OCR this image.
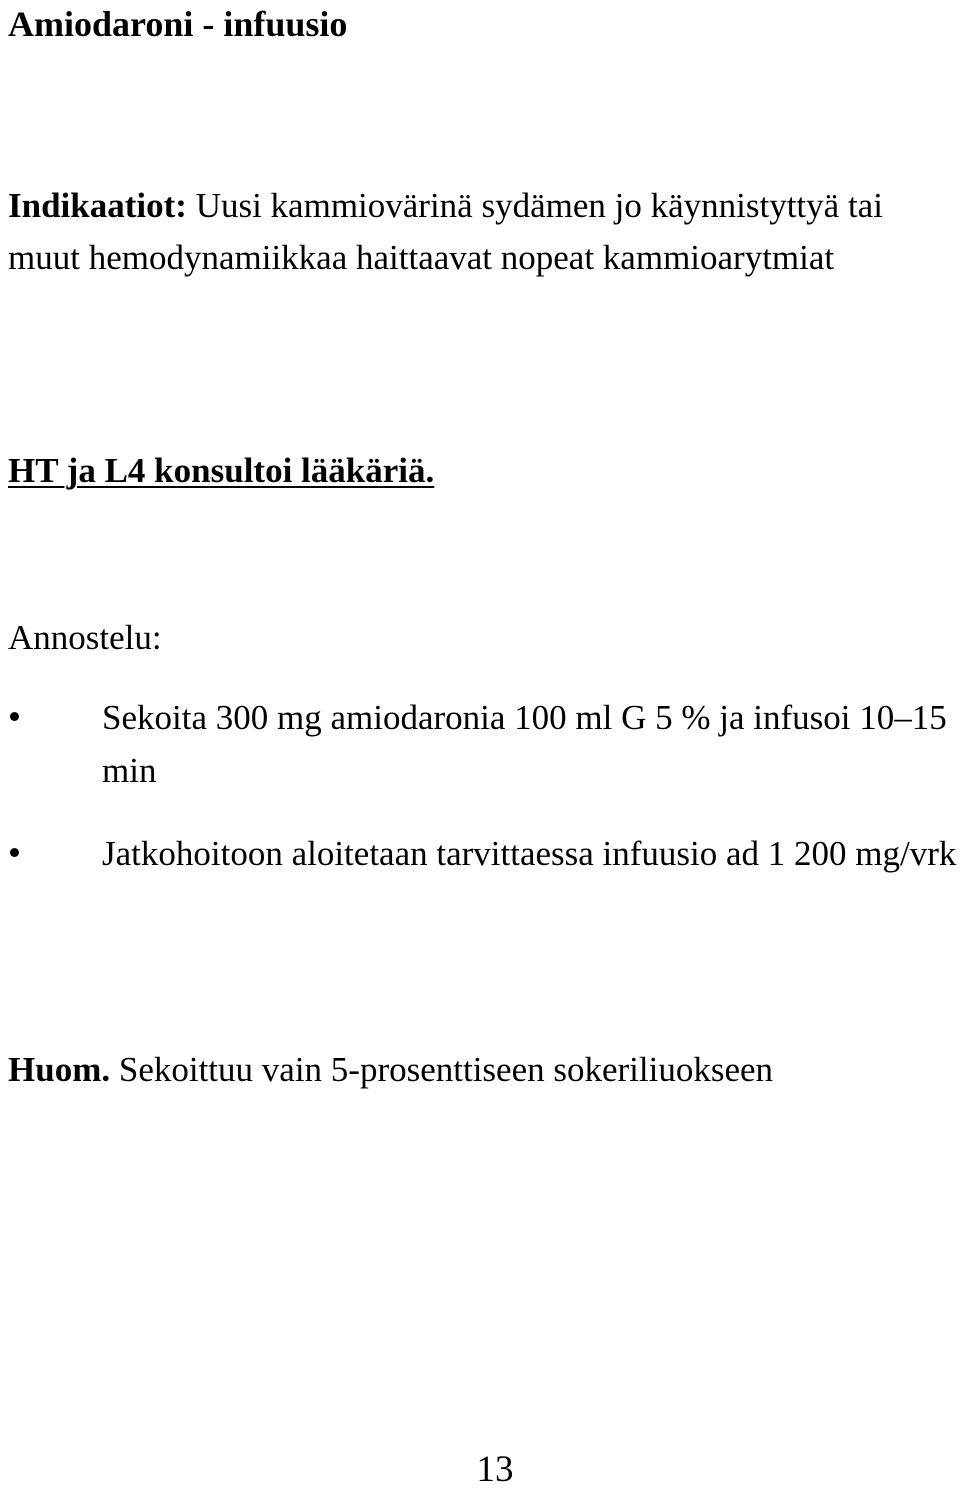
Amiodaroni - infuusio
Indikaatiot: Uusi kammiovärinä sydämen jo käynnistyttyä tai muut hemodynamiikkaa haittaavat nopeat kammioarytmiat
HT ja L4 konsultoi lääkäriä.
Annostelu:
Sekoita 300 mg amiodaronia 100 ml G 5 % ja infusoi 10–15 min
Jatkohoitoon aloitetaan tarvittaessa infuusio ad 1 200 mg/vrk
Huom. Sekoittuu vain 5-prosenttiseen sokeriliuokseen
13
